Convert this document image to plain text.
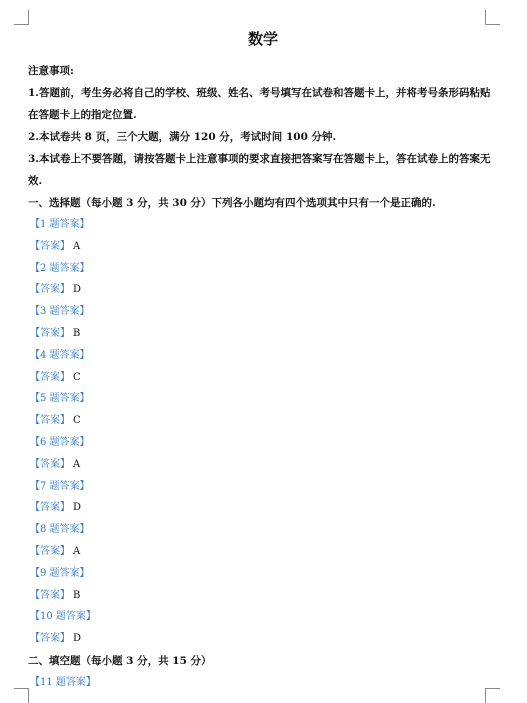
数学
注意事项:
1.答题前，考生务必将自己的学校、班级、姓名、考号填写在试卷和答题卡上，并将考号条形码粘贴在答题卡上的指定位置.
2.本试卷共 8 页，三个大题，满分 120 分，考试时间 100 分钟.
3.本试卷上不要答题，请按答题卡上注意事项的要求直接把答案写在答题卡上，答在试卷上的答案无效.
一、选择题（每小题 3 分，共 30 分）下列各小题均有四个选项其中只有一个是正确的.
【1 题答案】
【答案】 A
【2 题答案】
【答案】 D
【3 题答案】
【答案】 B
【4 题答案】
【答案】 C
【5 题答案】
【答案】 C
【6 题答案】
【答案】 A
【7 题答案】
【答案】 D
【8 题答案】
【答案】 A
【9 题答案】
【答案】 B
【10 题答案】
【答案】 D
二、填空题（每小题 3 分，共 15 分）
【11 题答案】
